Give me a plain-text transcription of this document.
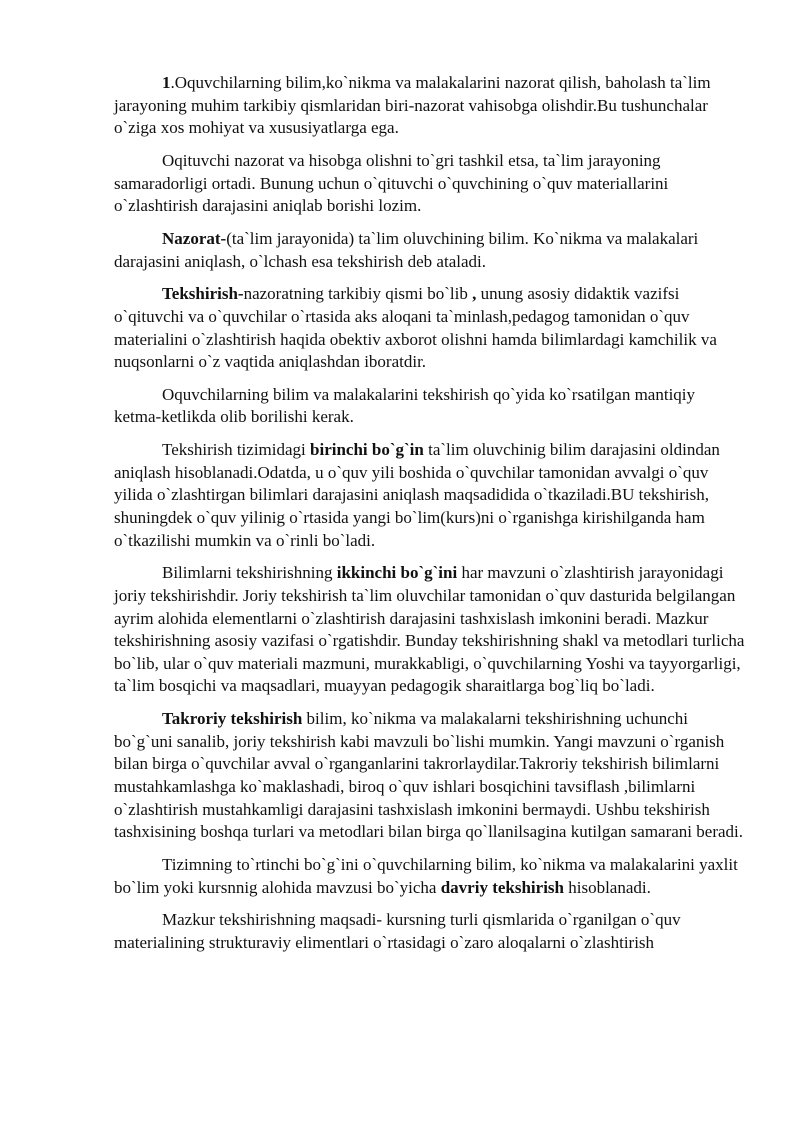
1.Oquvchilarning bilim,ko`nikma va malakalarini nazorat qilish, baholash ta`lim jarayoning muhim tarkibiy qismlaridan biri-nazorat vahisobga olishdir.Bu tushunchalar o`ziga xos mohiyat va xususiyatlarga ega.

Oqituvchi nazorat va hisobga olishni to`gri tashkil etsa, ta`lim jarayoning samaradorligi ortadi. Bunung uchun o`qituvchi o`quvchining o`quv materiallarini o`zlashtirish darajasini aniqlab borishi lozim.

Nazorat-(ta`lim jarayonida) ta`lim oluvchining bilim. Ko`nikma va malakalari darajasini aniqlash, o`lchash esa tekshirish deb ataladi.

Tekshirish-nazoratning tarkibiy qismi bo`lib , unung asosiy didaktik vazifsi o`qituvchi va o`quvchilar o`rtasida aks aloqani ta`minlash,pedagog tamonidan o`quv materialini o`zlashtirish haqida obektiv axborot olishni hamda bilimlardagi kamchilik va nuqsonlarni o`z vaqtida aniqlashdan iboratdir.

Oquvchilarning bilim va malakalarini tekshirish qo`yida ko`rsatilgan mantiqiy ketma-ketlikda olib borilishi kerak.

Tekshirish tizimidagi birinchi bo`g`in ta`lim oluvchinig bilim darajasini oldindan aniqlash hisoblanadi.Odatda, u o`quv yili boshida o`quvchilar tamonidan avvalgi o`quv yilida o`zlashtirgan bilimlari darajasini aniqlash maqsadidida o`tkaziladi.BU tekshirish, shuningdek o`quv yilinig o`rtasida yangi bo`lim(kurs)ni o`rganishga kirishilganda ham o`tkazilishi mumkin va o`rinli bo`ladi.

Bilimlarni tekshirishning ikkinchi bo`g`ini har mavzuni o`zlashtirish jarayonidagi joriy tekshirishdir. Joriy tekshirish ta`lim oluvchilar tamonidan o`quv dasturida belgilangan ayrim alohida elementlarni o`zlashtirish darajasini tashxislash imkonini beradi. Mazkur tekshirishning asosiy vazifasi o`rgatishdir. Bunday tekshirishning shakl va metodlari turlicha bo`lib, ular o`quv materiali mazmuni, murakkabligi, o`quvchilarning Yoshi va tayyorgarligi, ta`lim bosqichi va maqsadlari, muayyan pedagogik sharaitlarga bog`liq bo`ladi.

Takroriy tekshirish bilim, ko`nikma va malakalarni tekshirishning uchunchi bo`g`uni sanalib, joriy tekshirish kabi mavzuli bo`lishi mumkin. Yangi mavzuni o`rganish bilan birga o`quvchilar avval o`rganganlarini takrorlaydilar.Takroriy tekshirish bilimlarni mustahkamlashga ko`maklashadi, biroq o`quv ishlari bosqichini tavsiflash ,bilimlarni o`zlashtirish mustahkamligi darajasini tashxislash imkonini bermaydi. Ushbu tekshirish tashxisining boshqa turlari va metodlari bilan birga qo`llanilsagina kutilgan samarani beradi.

Tizimning to`rtinchi bo`g`ini o`quvchilarning bilim, ko`nikma va malakalarini yaxlit bo`lim yoki kursnnig alohida mavzusi bo`yicha davriy tekshirish hisoblanadi.

Mazkur tekshirishning maqsadi- kursning turli qismlarida o`rganilgan o`quv materialining strukturaviy elimentlari o`rtasidagi o`zaro aloqalarni o`zlashtirish
